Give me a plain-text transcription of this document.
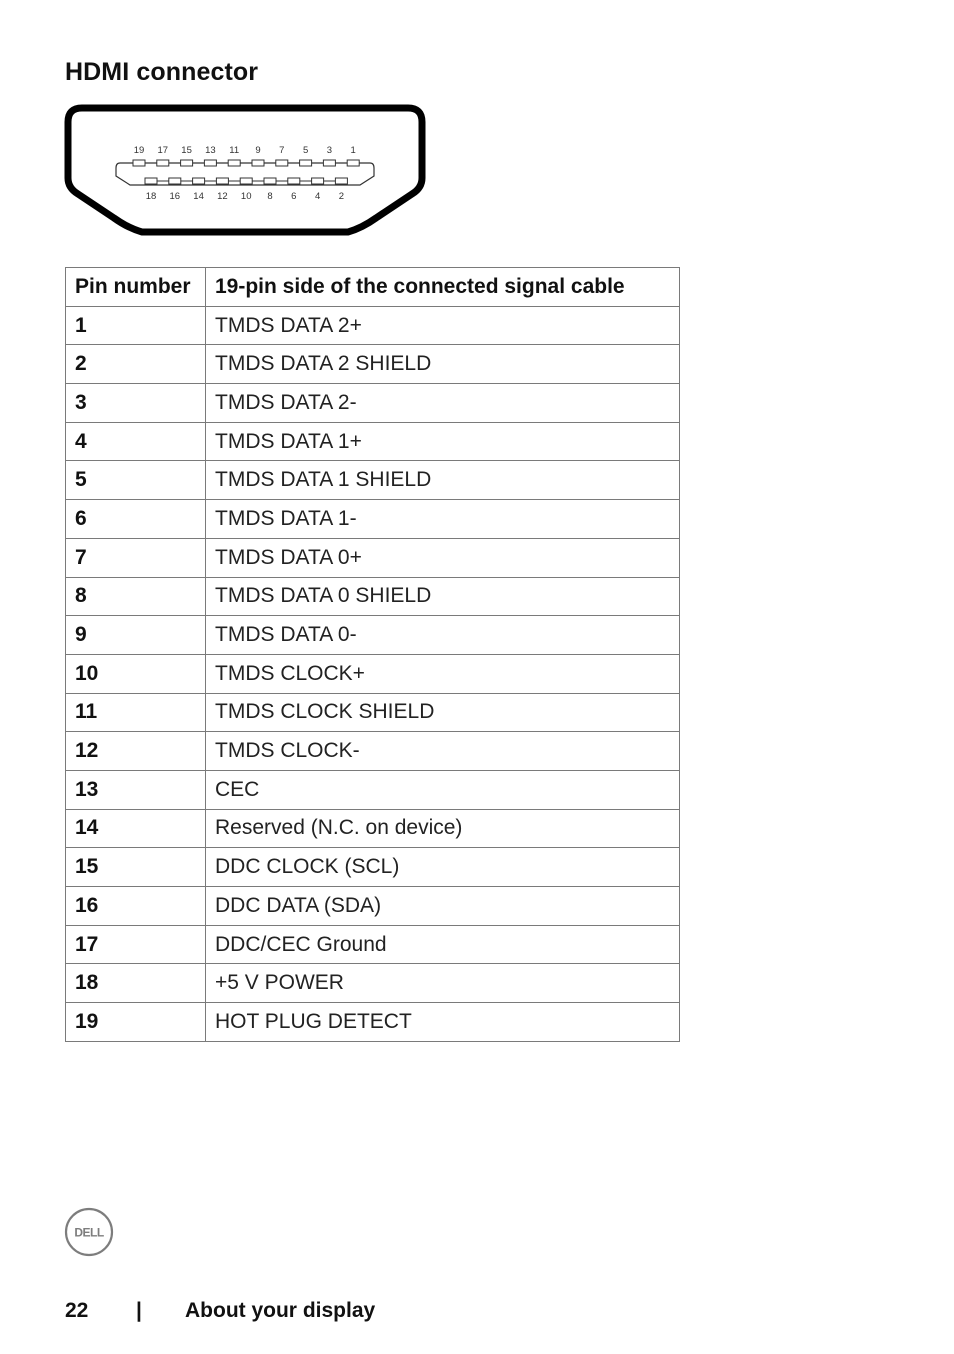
HDMI connector
19 17 15 13 11 9 7 5 3 1
18 16 14 12 10 8 6 4 2
Pin number	19-pin side of the connected signal cable
1	TMDS DATA 2+
2	TMDS DATA 2 SHIELD
3	TMDS DATA 2-
4	TMDS DATA 1+
5	TMDS DATA 1 SHIELD
6	TMDS DATA 1-
7	TMDS DATA 0+
8	TMDS DATA 0 SHIELD
9	TMDS DATA 0-
10	TMDS CLOCK+
11	TMDS CLOCK SHIELD
12	TMDS CLOCK-
13	CEC
14	Reserved (N.C. on device)
15	DDC CLOCK (SCL)
16	DDC DATA (SDA)
17	DDC/CEC Ground
18	+5 V POWER
19	HOT PLUG DETECT
DELL
22 | About your display
